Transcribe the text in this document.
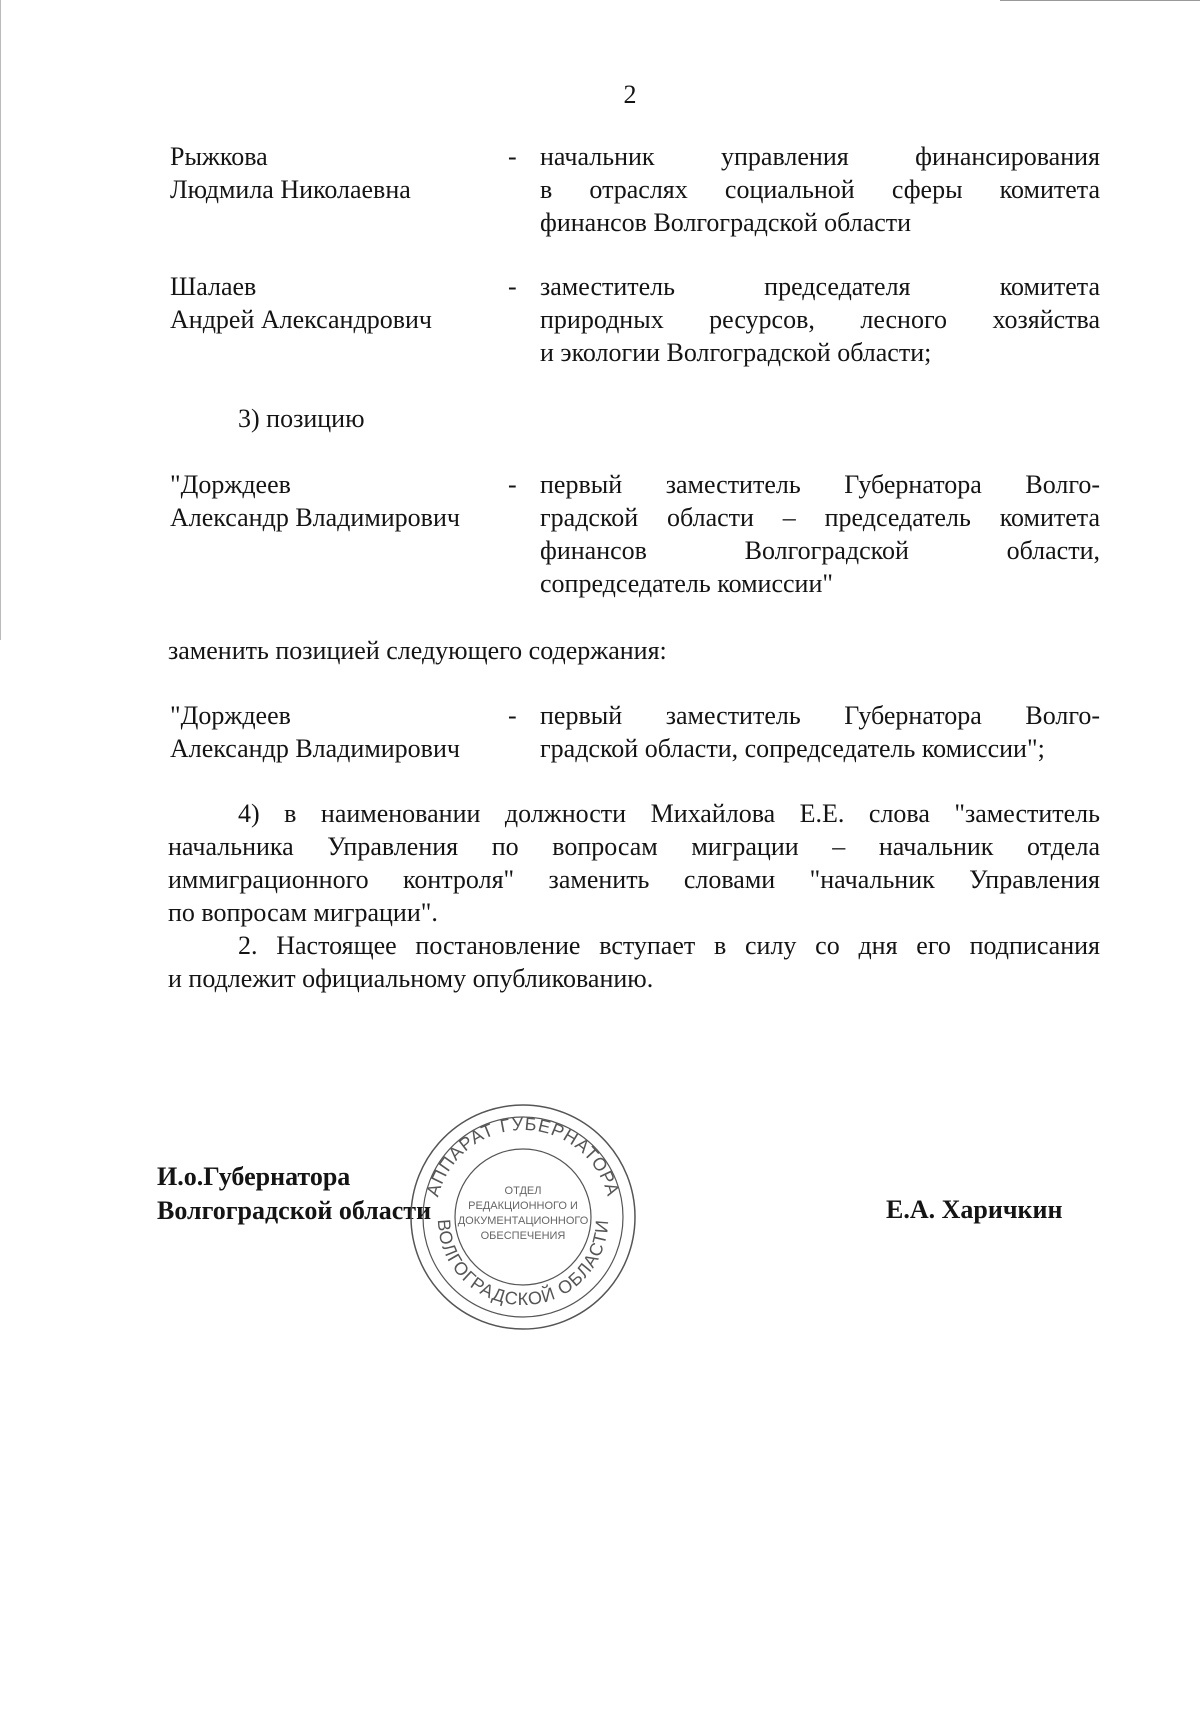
2
Рыжкова
Людмила Николаевна
- начальник управления финансирования
в отраслях социальной сферы комитета
финансов Волгоградской области
Шалаев
Андрей Александрович
- заместитель председателя комитета
природных ресурсов, лесного хозяйства
и экологии Волгоградской области;
3) позицию
"Дорждеев
Александр Владимирович
- первый заместитель Губернатора Волго-
градской области – председатель комитета
финансов Волгоградской области,
сопредседатель комиссии"
заменить позицией следующего содержания:
"Дорждеев
Александр Владимирович
- первый заместитель Губернатора Волго-
градской области, сопредседатель комиссии";
4) в наименовании должности Михайлова Е.Е. слова "заместитель
начальника Управления по вопросам миграции – начальник отдела
иммиграционного контроля" заменить словами "начальник Управления
по вопросам миграции".
2. Настоящее постановление вступает в силу со дня его подписания
и подлежит официальному опубликованию.
И.о.Губернатора
Волгоградской области	Е.А. Харичкин
АППАРАТ ГУБЕРНАТОРА
ВОЛГОГРАДСКОЙ ОБЛАСТИ
ОТДЕЛ
РЕДАКЦИОННОГО И
ДОКУМЕНТАЦИОННОГО
ОБЕСПЕЧЕНИЯ
